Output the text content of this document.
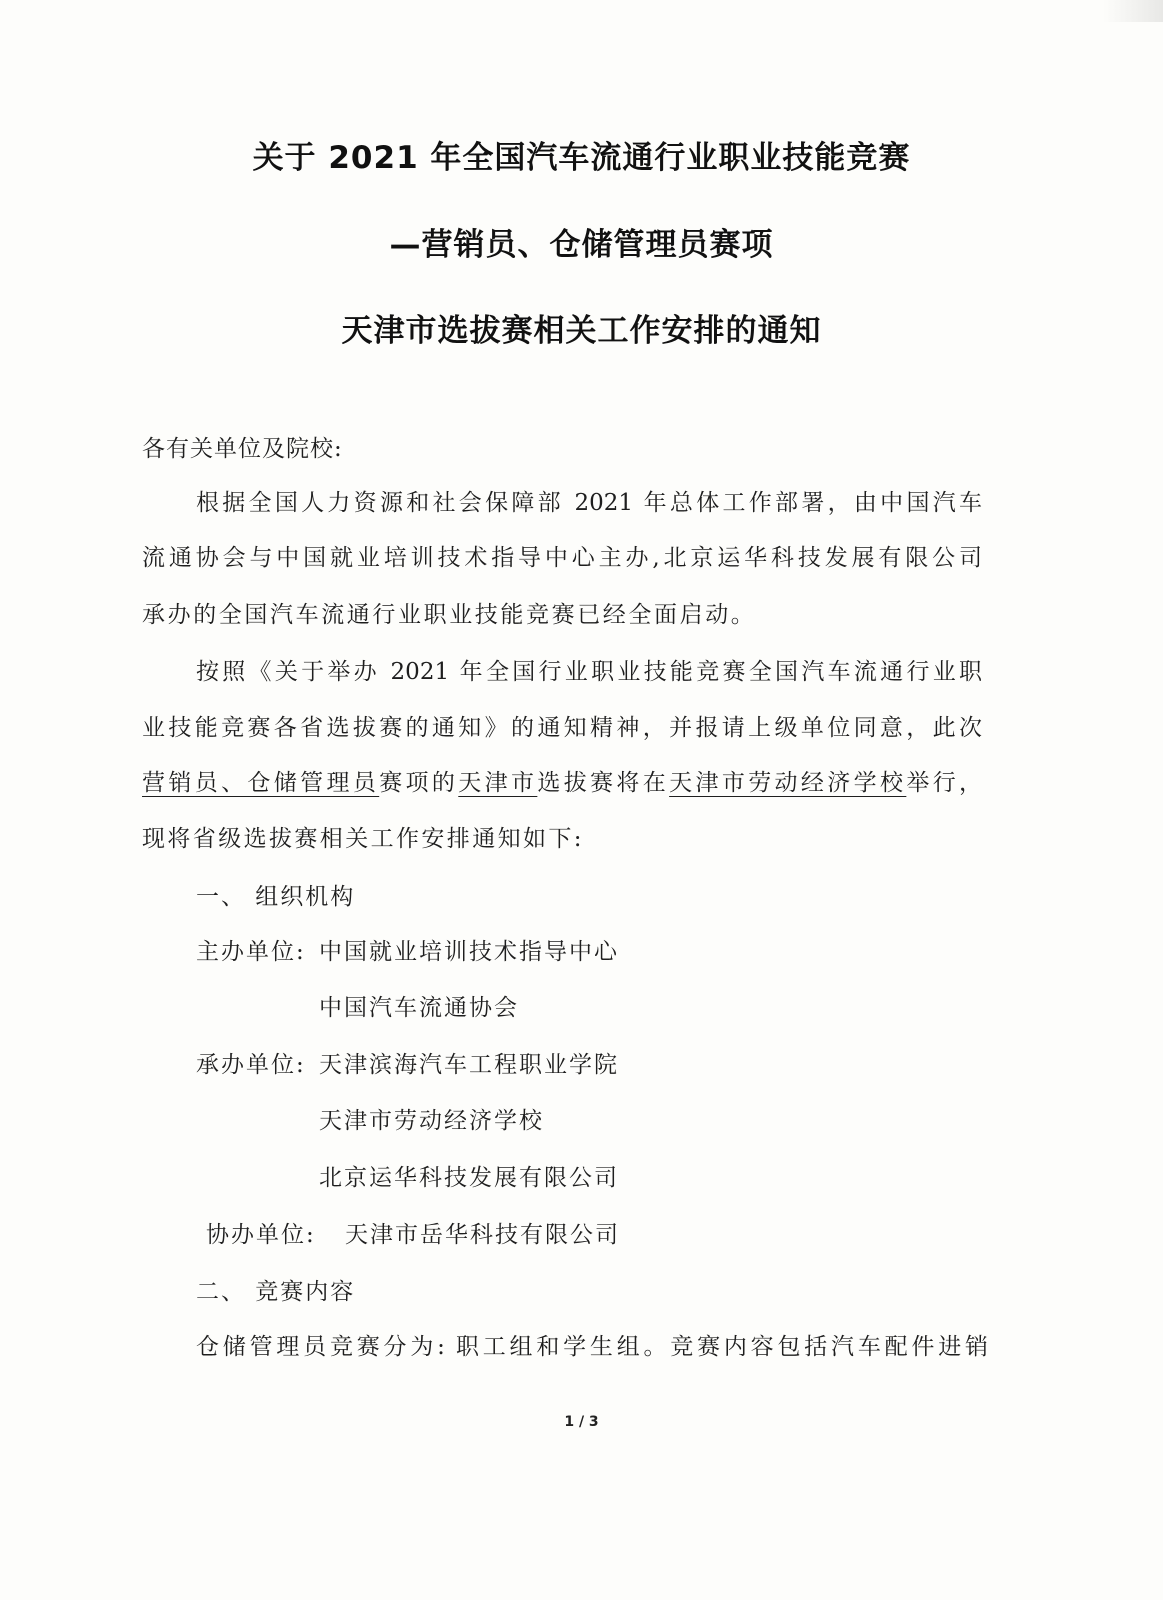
关于 2021 年全国汽车流通行业职业技能竞赛
—营销员、仓储管理员赛项
天津市选拔赛相关工作安排的通知
各有关单位及院校:
根据全国人力资源和社会保障部 2021 年总体工作部署，由中国汽车
流通协会与中国就业培训技术指导中心主办,北京运华科技发展有限公司
承办的全国汽车流通行业职业技能竞赛已经全面启动。
按照《关于举办 2021 年全国行业职业技能竞赛全国汽车流通行业职
业技能竞赛各省选拔赛的通知》的通知精神，并报请上级单位同意，此次
营销员、仓储管理员赛项的天津市选拔赛将在天津市劳动经济学校举行，
现将省级选拔赛相关工作安排通知如下:
一、 组织机构
主办单位: 中国就业培训技术指导中心
中国汽车流通协会
承办单位: 天津滨海汽车工程职业学院
天津市劳动经济学校
北京运华科技发展有限公司
协办单位: 天津市岳华科技有限公司
二、 竞赛内容
仓储管理员竞赛分为: 职工组和学生组。竞赛内容包括汽车配件进销
1 / 3
